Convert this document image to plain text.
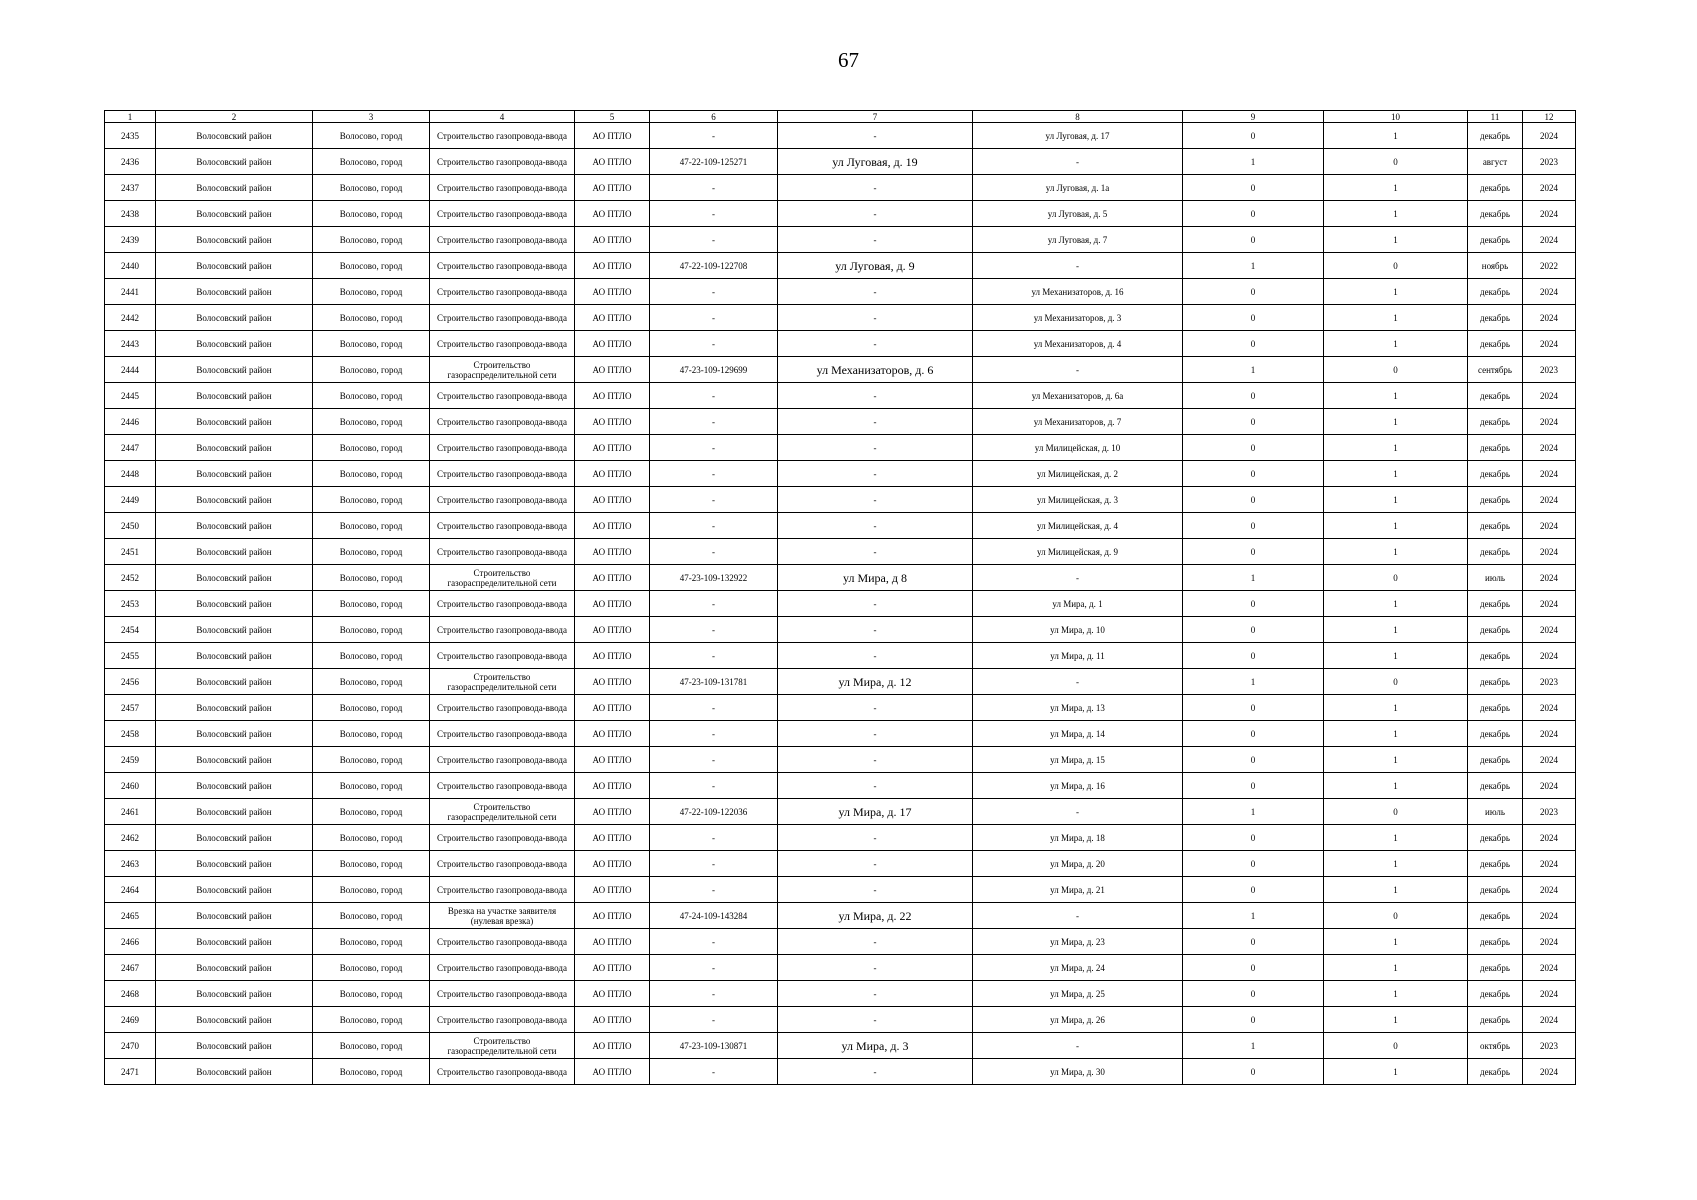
67
1	2	3	4	5	6	7	8	9	10	11	12
2435	Волосовский район	Волосово, город	Строительство газопровода-ввода	АО ПТЛО	-	-	ул Луговая, д. 17	0	1	декабрь	2024
2436	Волосовский район	Волосово, город	Строительство газопровода-ввода	АО ПТЛО	47-22-109-125271	ул Луговая, д. 19	-	1	0	август	2023
2437	Волосовский район	Волосово, город	Строительство газопровода-ввода	АО ПТЛО	-	-	ул Луговая, д. 1а	0	1	декабрь	2024
2438	Волосовский район	Волосово, город	Строительство газопровода-ввода	АО ПТЛО	-	-	ул Луговая, д. 5	0	1	декабрь	2024
2439	Волосовский район	Волосово, город	Строительство газопровода-ввода	АО ПТЛО	-	-	ул Луговая, д. 7	0	1	декабрь	2024
2440	Волосовский район	Волосово, город	Строительство газопровода-ввода	АО ПТЛО	47-22-109-122708	ул Луговая, д. 9	-	1	0	ноябрь	2022
2441	Волосовский район	Волосово, город	Строительство газопровода-ввода	АО ПТЛО	-	-	ул Механизаторов, д. 16	0	1	декабрь	2024
2442	Волосовский район	Волосово, город	Строительство газопровода-ввода	АО ПТЛО	-	-	ул Механизаторов, д. 3	0	1	декабрь	2024
2443	Волосовский район	Волосово, город	Строительство газопровода-ввода	АО ПТЛО	-	-	ул Механизаторов, д. 4	0	1	декабрь	2024
2444	Волосовский район	Волосово, город	Строительство газораспределительной сети	АО ПТЛО	47-23-109-129699	ул Механизаторов, д. 6	-	1	0	сентябрь	2023
2445	Волосовский район	Волосово, город	Строительство газопровода-ввода	АО ПТЛО	-	-	ул Механизаторов, д. 6а	0	1	декабрь	2024
2446	Волосовский район	Волосово, город	Строительство газопровода-ввода	АО ПТЛО	-	-	ул Механизаторов, д. 7	0	1	декабрь	2024
2447	Волосовский район	Волосово, город	Строительство газопровода-ввода	АО ПТЛО	-	-	ул Милицейская, д. 10	0	1	декабрь	2024
2448	Волосовский район	Волосово, город	Строительство газопровода-ввода	АО ПТЛО	-	-	ул Милицейская, д. 2	0	1	декабрь	2024
2449	Волосовский район	Волосово, город	Строительство газопровода-ввода	АО ПТЛО	-	-	ул Милицейская, д. 3	0	1	декабрь	2024
2450	Волосовский район	Волосово, город	Строительство газопровода-ввода	АО ПТЛО	-	-	ул Милицейская, д. 4	0	1	декабрь	2024
2451	Волосовский район	Волосово, город	Строительство газопровода-ввода	АО ПТЛО	-	-	ул Милицейская, д. 9	0	1	декабрь	2024
2452	Волосовский район	Волосово, город	Строительство газораспределительной сети	АО ПТЛО	47-23-109-132922	ул Мира, д 8	-	1	0	июль	2024
2453	Волосовский район	Волосово, город	Строительство газопровода-ввода	АО ПТЛО	-	-	ул Мира, д. 1	0	1	декабрь	2024
2454	Волосовский район	Волосово, город	Строительство газопровода-ввода	АО ПТЛО	-	-	ул Мира, д. 10	0	1	декабрь	2024
2455	Волосовский район	Волосово, город	Строительство газопровода-ввода	АО ПТЛО	-	-	ул Мира, д. 11	0	1	декабрь	2024
2456	Волосовский район	Волосово, город	Строительство газораспределительной сети	АО ПТЛО	47-23-109-131781	ул Мира, д. 12	-	1	0	декабрь	2023
2457	Волосовский район	Волосово, город	Строительство газопровода-ввода	АО ПТЛО	-	-	ул Мира, д. 13	0	1	декабрь	2024
2458	Волосовский район	Волосово, город	Строительство газопровода-ввода	АО ПТЛО	-	-	ул Мира, д. 14	0	1	декабрь	2024
2459	Волосовский район	Волосово, город	Строительство газопровода-ввода	АО ПТЛО	-	-	ул Мира, д. 15	0	1	декабрь	2024
2460	Волосовский район	Волосово, город	Строительство газопровода-ввода	АО ПТЛО	-	-	ул Мира, д. 16	0	1	декабрь	2024
2461	Волосовский район	Волосово, город	Строительство газораспределительной сети	АО ПТЛО	47-22-109-122036	ул Мира, д. 17	-	1	0	июль	2023
2462	Волосовский район	Волосово, город	Строительство газопровода-ввода	АО ПТЛО	-	-	ул Мира, д. 18	0	1	декабрь	2024
2463	Волосовский район	Волосово, город	Строительство газопровода-ввода	АО ПТЛО	-	-	ул Мира, д. 20	0	1	декабрь	2024
2464	Волосовский район	Волосово, город	Строительство газопровода-ввода	АО ПТЛО	-	-	ул Мира, д. 21	0	1	декабрь	2024
2465	Волосовский район	Волосово, город	Врезка на участке заявителя (нулевая врезка)	АО ПТЛО	47-24-109-143284	ул Мира, д. 22	-	1	0	декабрь	2024
2466	Волосовский район	Волосово, город	Строительство газопровода-ввода	АО ПТЛО	-	-	ул Мира, д. 23	0	1	декабрь	2024
2467	Волосовский район	Волосово, город	Строительство газопровода-ввода	АО ПТЛО	-	-	ул Мира, д. 24	0	1	декабрь	2024
2468	Волосовский район	Волосово, город	Строительство газопровода-ввода	АО ПТЛО	-	-	ул Мира, д. 25	0	1	декабрь	2024
2469	Волосовский район	Волосово, город	Строительство газопровода-ввода	АО ПТЛО	-	-	ул Мира, д. 26	0	1	декабрь	2024
2470	Волосовский район	Волосово, город	Строительство газораспределительной сети	АО ПТЛО	47-23-109-130871	ул Мира, д. 3	-	1	0	октябрь	2023
2471	Волосовский район	Волосово, город	Строительство газопровода-ввода	АО ПТЛО	-	-	ул Мира, д. 30	0	1	декабрь	2024
